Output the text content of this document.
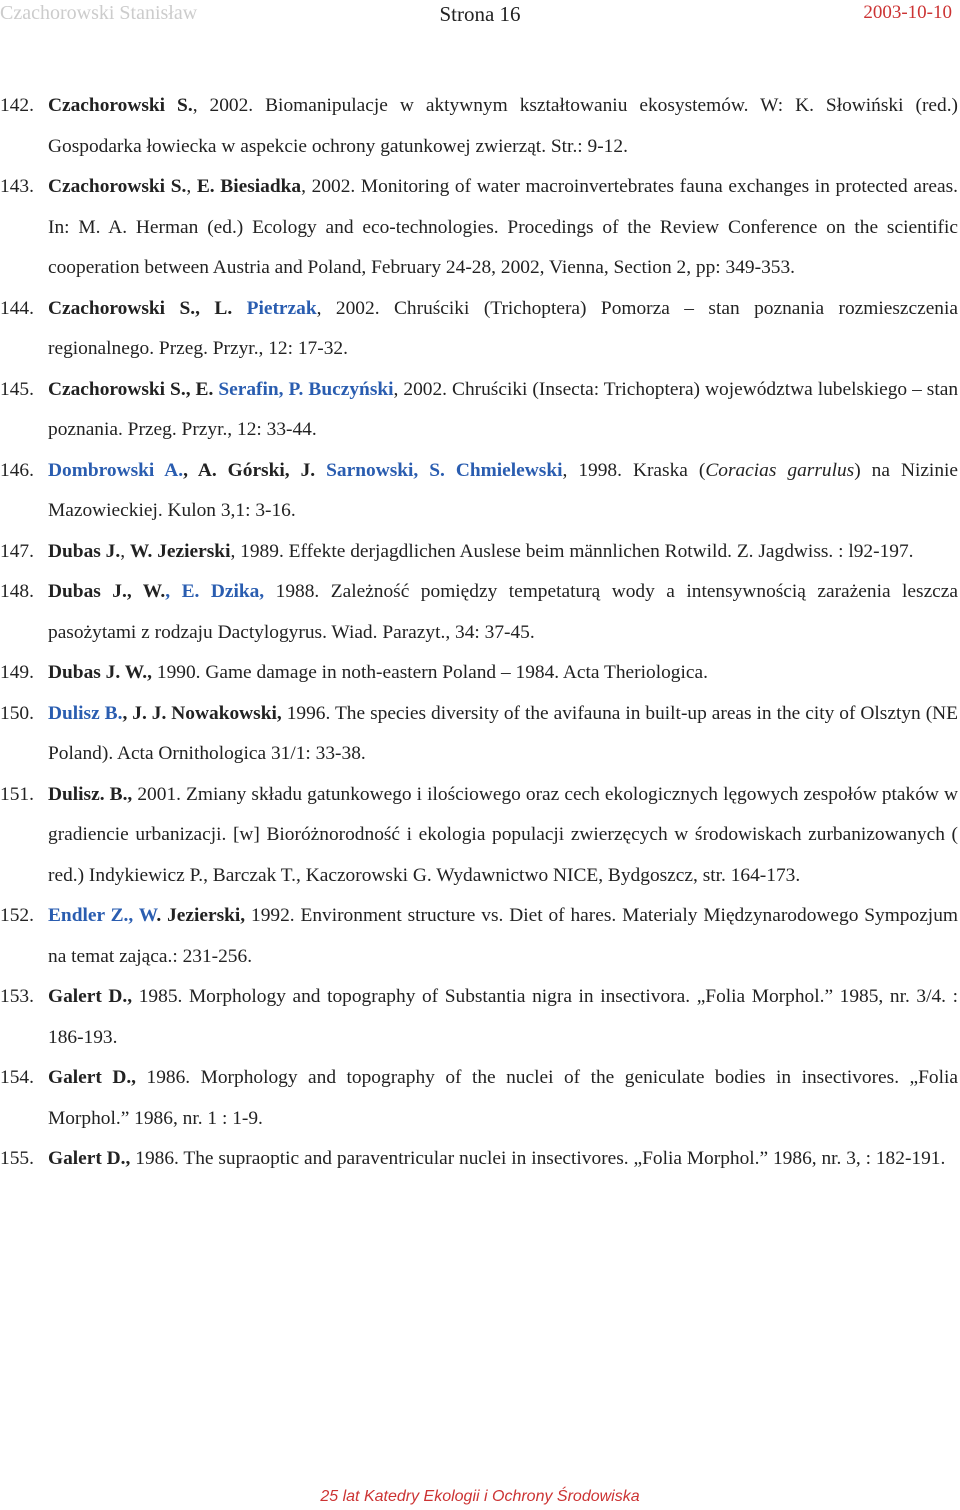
Czachorowski Stanisław	Strona 16	2003-10-10
142. Czachorowski S., 2002. Biomanipulacje w aktywnym kształtowaniu ekosystemów. W: K. Słowiński (red.) Gospodarka łowiecka w aspekcie ochrony gatunkowej zwierząt. Str.: 9-12.
143. Czachorowski S., E. Biesiadka, 2002. Monitoring of water macroinvertebrates fauna exchanges in protected areas. In: M. A. Herman (ed.) Ecology and eco-technologies. Procedings of the Review Conference on the scientific cooperation between Austria and Poland, February 24-28, 2002, Vienna, Section 2, pp: 349-353.
144. Czachorowski S., L. Pietrzak, 2002. Chruściki (Trichoptera) Pomorza – stan poznania rozmieszczenia regionalnego. Przeg. Przyr., 12: 17-32.
145. Czachorowski S., E. Serafin, P. Buczyński, 2002. Chruściki (Insecta: Trichoptera) województwa lubelskiego – stan poznania. Przeg. Przyr., 12: 33-44.
146. Dombrowski A., A. Górski, J. Sarnowski, S. Chmielewski, 1998. Kraska (Coracias garrulus) na Nizinie Mazowieckiej. Kulon 3,1: 3-16.
147. Dubas J., W. Jezierski, 1989. Effekte derjagdlichen Auslese beim männlichen Rotwild. Z. Jagdwiss. : l92-197.
148. Dubas J., W., E. Dzika, 1988. Zależność pomiędzy tempetaturą wody a intensywnością zarażenia leszcza pasożytami z rodzaju Dactylogyrus. Wiad. Parazyt., 34: 37-45.
149. Dubas J. W., 1990. Game damage in noth-eastern Poland – 1984. Acta Theriologica.
150. Dulisz B., J. J. Nowakowski, 1996. The species diversity of the avifauna in built-up areas in the city of Olsztyn (NE Poland). Acta Ornithologica 31/1: 33-38.
151. Dulisz. B., 2001. Zmiany składu gatunkowego i ilościowego oraz cech ekologicznych lęgowych zespołów ptaków w gradiencie urbanizacji. [w] Bioróżnorodność i ekologia populacji zwierzęcych w środowiskach zurbanizowanych ( red.) Indykiewicz P., Barczak T., Kaczorowski G. Wydawnictwo NICE, Bydgoszcz, str. 164-173.
152. Endler Z., W. Jezierski, 1992. Environment structure vs. Diet of hares. Materialy Międzynarodowego Sympozjum na temat zająca.: 231-256.
153. Galert D., 1985. Morphology and topography of Substantia nigra in insectivora. „Folia Morphol.” 1985, nr. 3/4. : 186-193.
154. Galert D., 1986. Morphology and topography of the nuclei of the geniculate bodies in insectivores. „Folia Morphol.” 1986, nr. 1 : 1-9.
155. Galert D., 1986. The supraoptic and paraventricular nuclei in insectivores. „Folia Morphol.” 1986, nr. 3, : 182-191.
25 lat Katedry Ekologii i Ochrony Środowiska
